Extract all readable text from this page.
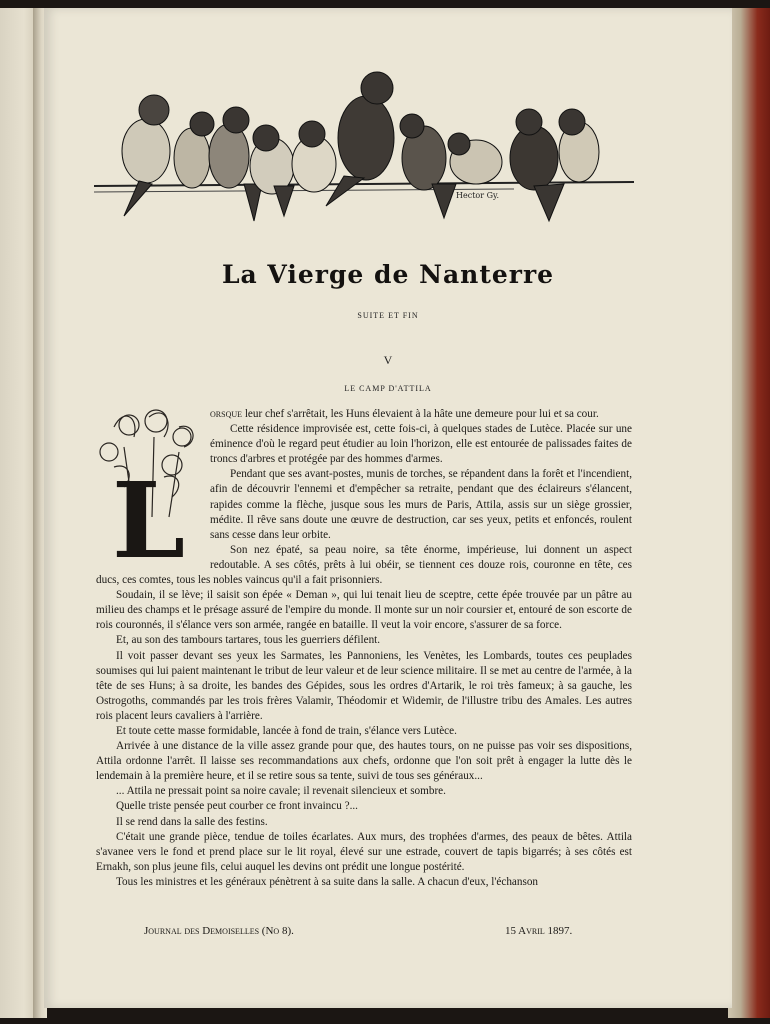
Hector Gy.
La Vierge de Nanterre
SUITE ET FIN
V
LE CAMP D'ATTILA
L

orsque leur chef s'arrêtait, les Huns élevaient à la hâte une demeure pour lui et sa cour.

Cette résidence improvisée est, cette fois-ci, à quelques stades de Lutèce. Placée sur une éminence d'où le regard peut étudier au loin l'horizon, elle est entourée de palissades faites de troncs d'arbres et protégée par des hommes d'armes.

Pendant que ses avant-postes, munis de torches, se répandent dans la forêt et l'incendient, afin de découvrir l'ennemi et d'empêcher sa retraite, pendant que des éclaireurs s'élancent, rapides comme la flèche, jusque sous les murs de Paris, Attila, assis sur un siège grossier, médite. Il rêve sans doute une œuvre de destruction, car ses yeux, petits et enfoncés, roulent sans cesse dans leur orbite.

Son nez épaté, sa peau noire, sa tête énorme, impérieuse, lui donnent un aspect redoutable. A ses côtés, prêts à lui obéir, se tiennent ces douze rois, couronne en tête, ces ducs, ces comtes, tous les nobles vaincus qu'il a fait prisonniers.

Soudain, il se lève; il saisit son épée « Deman », qui lui tenait lieu de sceptre, cette épée trouvée par un pâtre au milieu des champs et le présage assuré de l'empire du monde. Il monte sur un noir coursier et, entouré de son escorte de rois couronnés, il s'élance vers son armée, rangée en bataille. Il veut la voir encore, s'assurer de sa force.

Et, au son des tambours tartares, tous les guerriers défilent.

Il voit passer devant ses yeux les Sarmates, les Pannoniens, les Venètes, les Lombards, toutes ces peuplades soumises qui lui paient maintenant le tribut de leur valeur et de leur science militaire. Il se met au centre de l'armée, à la tête de ses Huns; à sa droite, les bandes des Gépides, sous les ordres d'Artarik, le roi très fameux; à sa gauche, les Ostrogoths, commandés par les trois frères Valamir, Théodomir et Widemir, de l'illustre tribu des Amales. Les autres rois placent leurs cavaliers à l'arrière.

Et toute cette masse formidable, lancée à fond de train, s'élance vers Lutèce.

Arrivée à une distance de la ville assez grande pour que, des hautes tours, on ne puisse pas voir ses dispositions, Attila ordonne l'arrêt. Il laisse ses recommandations aux chefs, ordonne que l'on soit prêt à engager la lutte dès le lendemain à la première heure, et il se retire sous sa tente, suivi de tous ses généraux...

... Attila ne pressait point sa noire cavale; il revenait silencieux et sombre.

Quelle triste pensée peut courber ce front invaincu ?...

Il se rend dans la salle des festins.

C'était une grande pièce, tendue de toiles écarlates. Aux murs, des trophées d'armes, des peaux de bêtes. Attila s'avanee vers le fond et prend place sur le lit royal, élevé sur une estrade, couvert de tapis bigarrés; à ses côtés est Ernakh, son plus jeune fils, celui auquel les devins ont prédit une longue postérité.

Tous les ministres et les généraux pénètrent à sa suite dans la salle. A chacun d'eux, l'échanson

Journal des Demoiselles (No 8).	15 Avril 1897.
